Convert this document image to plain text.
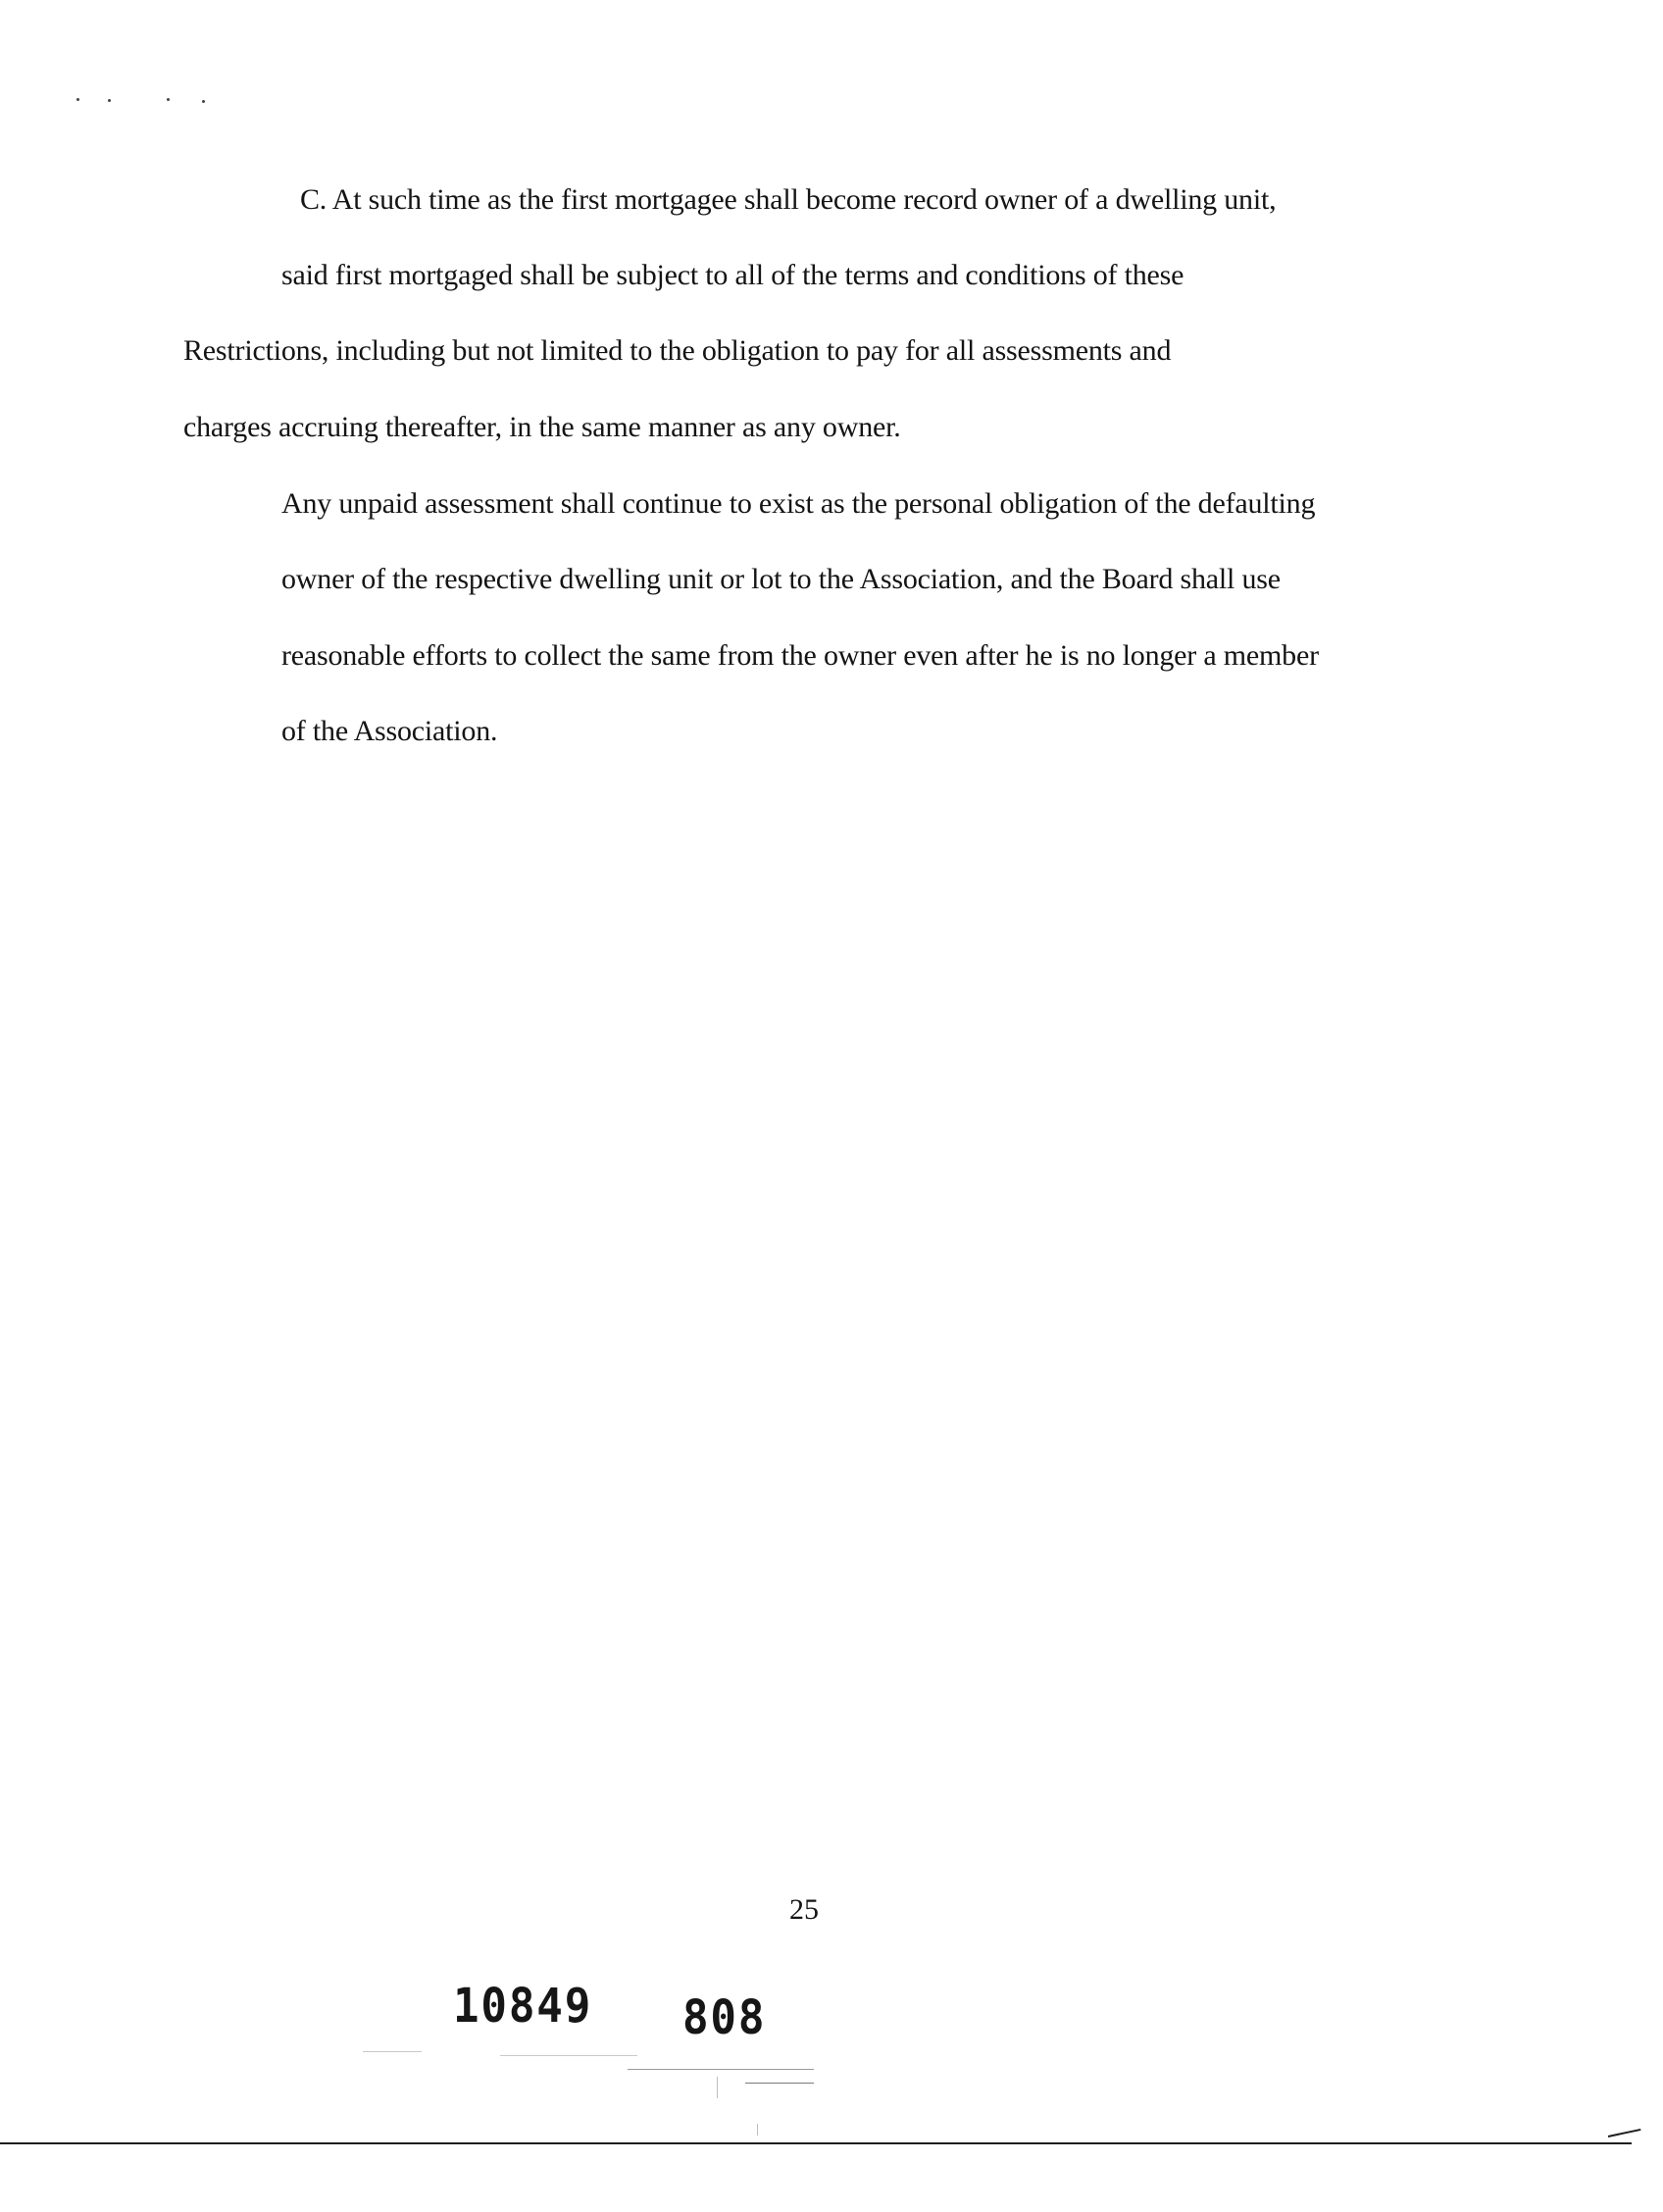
C. At such time as the first mortgagee shall become record owner of a dwelling unit,
said first mortgaged shall be subject to all of the terms and conditions of these
Restrictions, including but not limited to the obligation to pay for all assessments and
charges accruing thereafter, in the same manner as any owner.
Any unpaid assessment shall continue to exist as the personal obligation of the defaulting
owner of the respective dwelling unit or lot to the Association, and the Board shall use
reasonable efforts to collect the same from the owner even after he is no longer a member
of the Association.
25
10849 808
